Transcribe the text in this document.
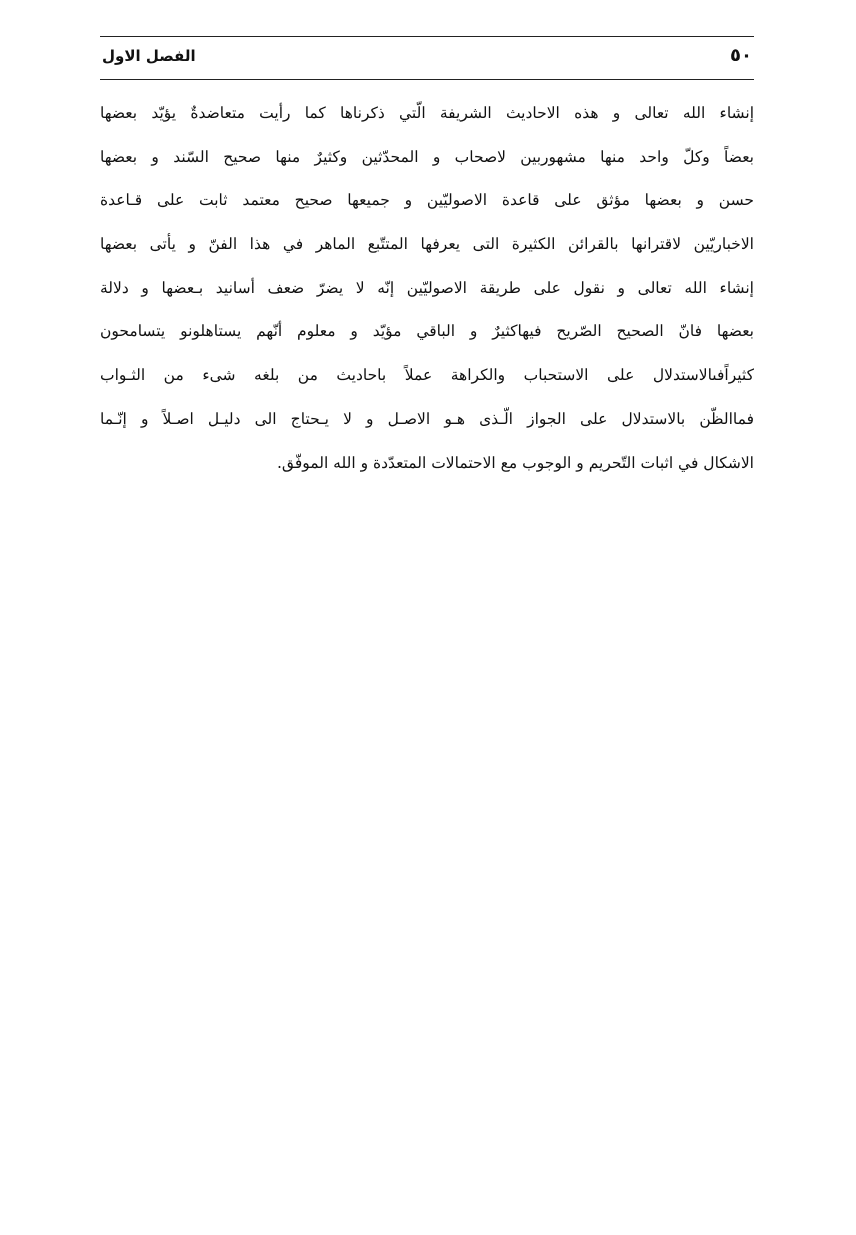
٥٠
الفصل الاول
إنشاء الله تعالى و هذه الاحاديث الشريفة الّتي ذكرناها كما رأيت متعاضدةٌ يؤيّد بعضها
بعضاً وكلّ واحد منها مشهوربين لاصحاب و المحدّثين وكثيرٌ منها صحيح السّند و بعضها
حسن و بعضها مؤثق على قاعدة الاصوليّين و جميعها صحيح معتمد ثابت على قـاعدة
الاخباريّين لاقترانها بالقرائن الكثيرة التى يعرفها المتتّبع الماهر في هذا الفنّ و يأتى بعضها
إنشاء الله تعالى و نقول على طريقة الاصوليّين إنّه لا يضرّ ضعف أسانيد بـعضها و دلالة
بعضها فانّ الصحيح الصّريح فيهاكثيرٌ و الباقي مؤيّد و معلوم أنّهم يستاهلونو يتسامحون
كثيراًفىالاستدلال على الاستحباب والكراهة عملاً باحاديث من بلغه شىء من الثـواب
فماالظّن بالاستدلال على الجواز الّـذى هـو الاصـل و لا يـحتاج الى دليـل اصـلاً و إنّـما
الاشكال في اثبات التّحريم و الوجوب مع الاحتمالات المتعدّدة و الله الموفّق.
